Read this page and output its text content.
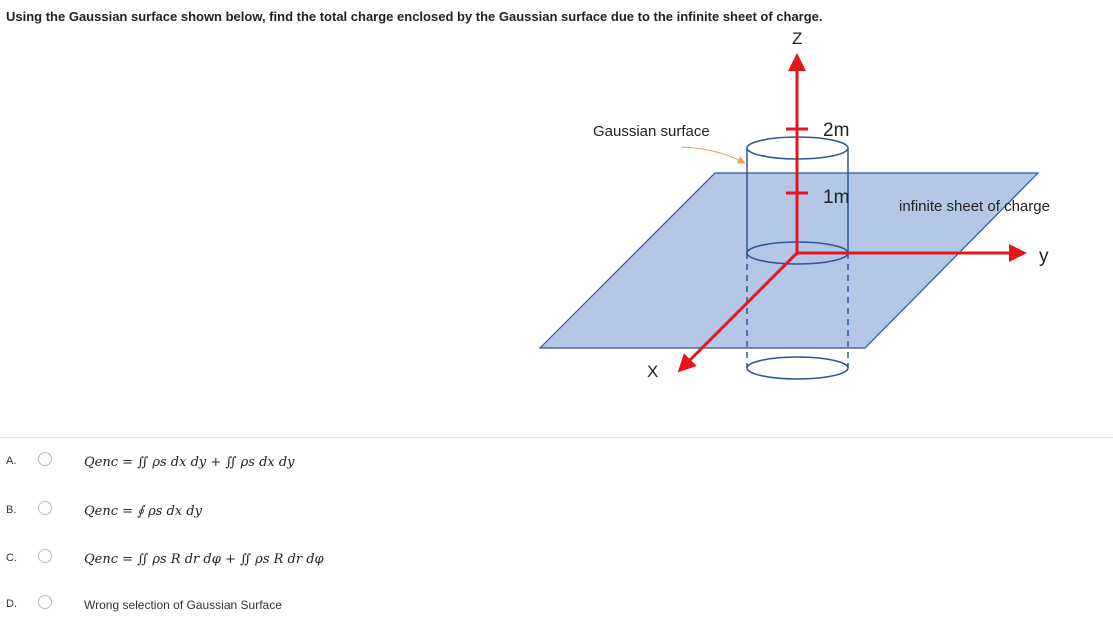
Using the Gaussian surface shown below, find the total charge enclosed by the Gaussian surface due to the infinite sheet of charge.
Z
y
X
Gaussian surface	2m
1m	infinite sheet of charge
A.	Qenc = ∬ ρs dx dy + ∬ ρs dx dy
B.	Qenc = ∮ ρs dx dy
C.	Qenc = ∬ ρs R dr dφ + ∬ ρs R dr dφ
D.	Wrong selection of Gaussian Surface
